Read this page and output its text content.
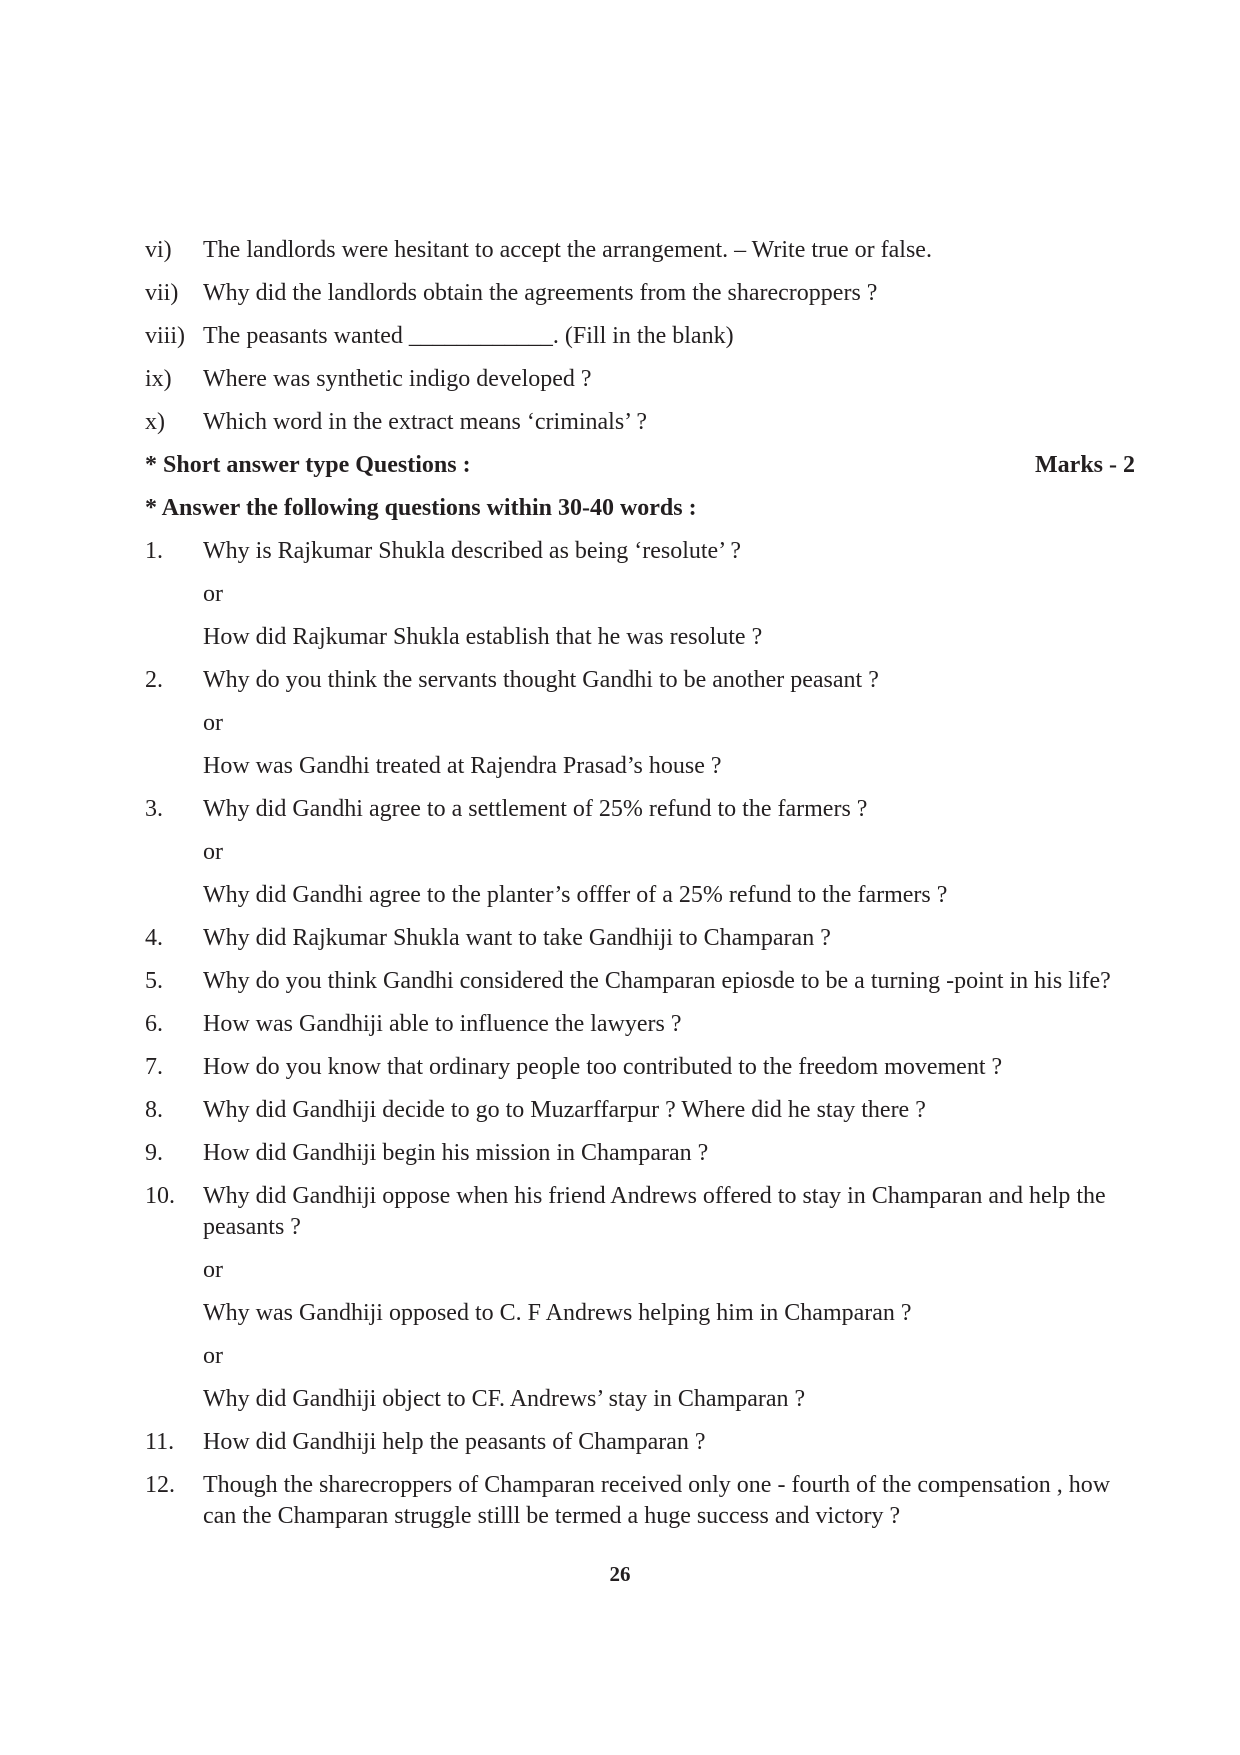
vi)	The landlords were hesitant to accept the arrangement. – Write true or false.
vii)	Why did the landlords obtain the agreements from the sharecroppers ?
viii) The peasants wanted ____________. (Fill in the blank)
ix)	Where was synthetic indigo developed ?
x)	Which word in the extract means ‘criminals’ ?
* Short answer type Questions :	Marks - 2
* Answer the following questions within 30-40 words :
1.	Why is Rajkumar Shukla described as being ‘resolute’ ?
or
How did Rajkumar Shukla establish that he was resolute ?
2.	Why do you think the servants thought Gandhi to be another peasant ?
or
How was Gandhi treated at Rajendra Prasad’s house ?
3.	Why did Gandhi agree to a settlement of 25% refund to the farmers ?
or
Why did Gandhi agree to the planter’s offfer of a 25% refund to the farmers ?
4.	Why did Rajkumar Shukla want to take Gandhiji to Champaran ?
5.	Why do you think Gandhi considered the Champaran epiosde to be a turning -point in his life?
6.	How was Gandhiji able to influence the lawyers ?
7.	How do you know that ordinary people too contributed to the freedom movement ?
8.	Why did Gandhiji decide to go to Muzarffarpur ? Where did he stay there ?
9.	How did Gandhiji begin his mission in Champaran ?
10.	Why did Gandhiji oppose when his friend Andrews offered to stay in Champaran and help the peasants ?
or
Why was Gandhiji opposed to C. F Andrews helping him in Champaran ?
or
Why did Gandhiji object to CF. Andrews’ stay in Champaran ?
11.	How did Gandhiji help the peasants of Champaran ?
12.	Though the sharecroppers of Champaran received only one - fourth of the compensation , how can the Champaran struggle stilll be termed a huge success and victory ?
26
